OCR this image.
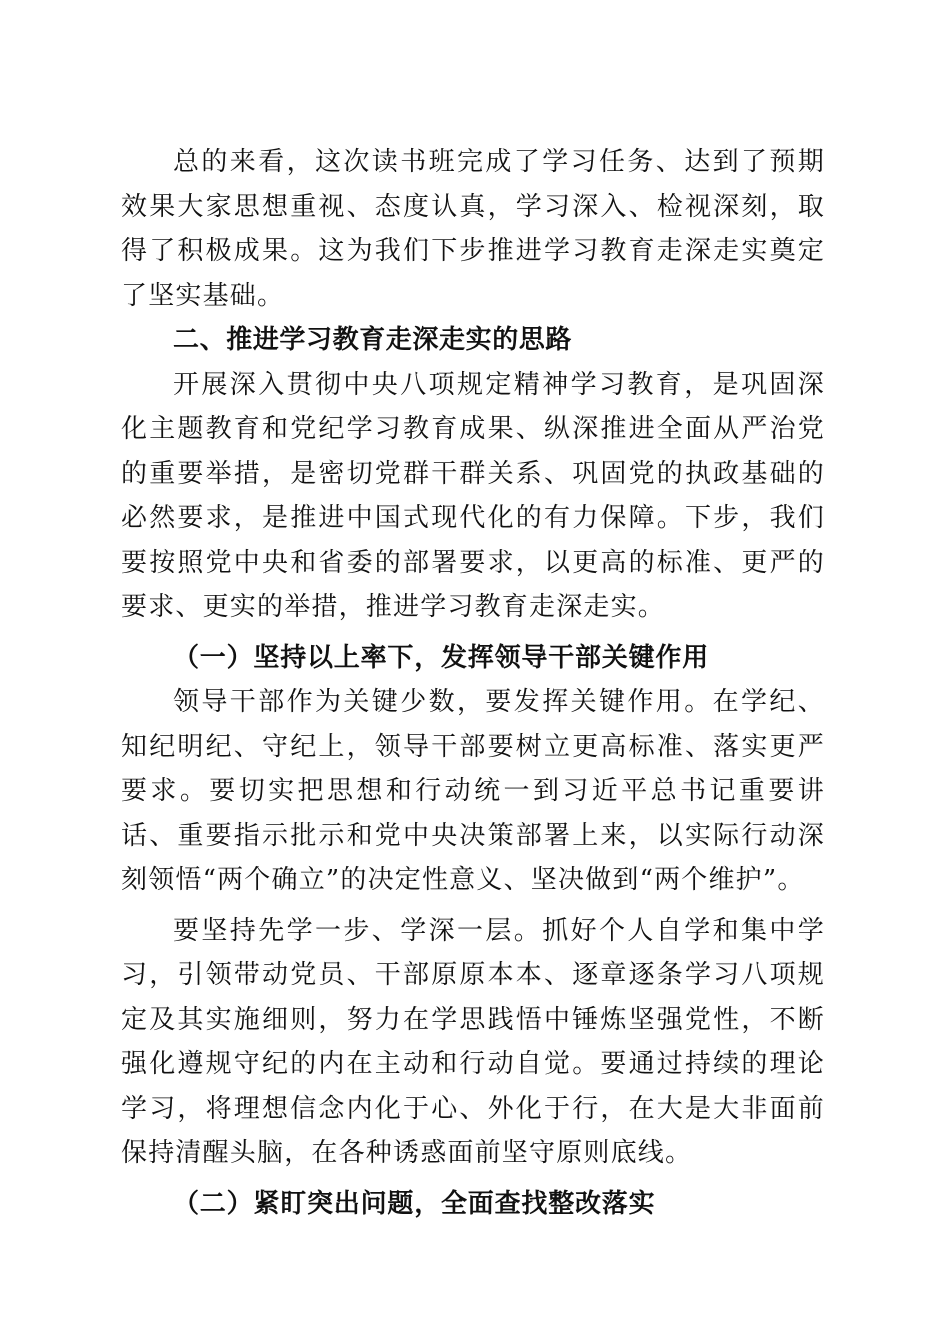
总的来看，这次读书班完成了学习任务、达到了预期效果大家思想重视、态度认真，学习深入、检视深刻，取得了积极成果。这为我们下步推进学习教育走深走实奠定了坚实基础。

二、推进学习教育走深走实的思路

开展深入贯彻中央八项规定精神学习教育，是巩固深化主题教育和党纪学习教育成果、纵深推进全面从严治党的重要举措，是密切党群干群关系、巩固党的执政基础的必然要求，是推进中国式现代化的有力保障。下步，我们要按照党中央和省委的部署要求，以更高的标准、更严的要求、更实的举措，推进学习教育走深走实。

（一）坚持以上率下，发挥领导干部关键作用

领导干部作为关键少数，要发挥关键作用。在学纪、知纪明纪、守纪上，领导干部要树立更高标准、落实更严要求。要切实把思想和行动统一到习近平总书记重要讲话、重要指示批示和党中央决策部署上来，以实际行动深刻领悟“两个确立”的决定性意义、坚决做到“两个维护”。

要坚持先学一步、学深一层。抓好个人自学和集中学习，引领带动党员、干部原原本本、逐章逐条学习八项规定及其实施细则，努力在学思践悟中锤炼坚强党性，不断强化遵规守纪的内在主动和行动自觉。要通过持续的理论学习，将理想信念内化于心、外化于行，在大是大非面前保持清醒头脑，在各种诱惑面前坚守原则底线。

（二）紧盯突出问题，全面查找整改落实
